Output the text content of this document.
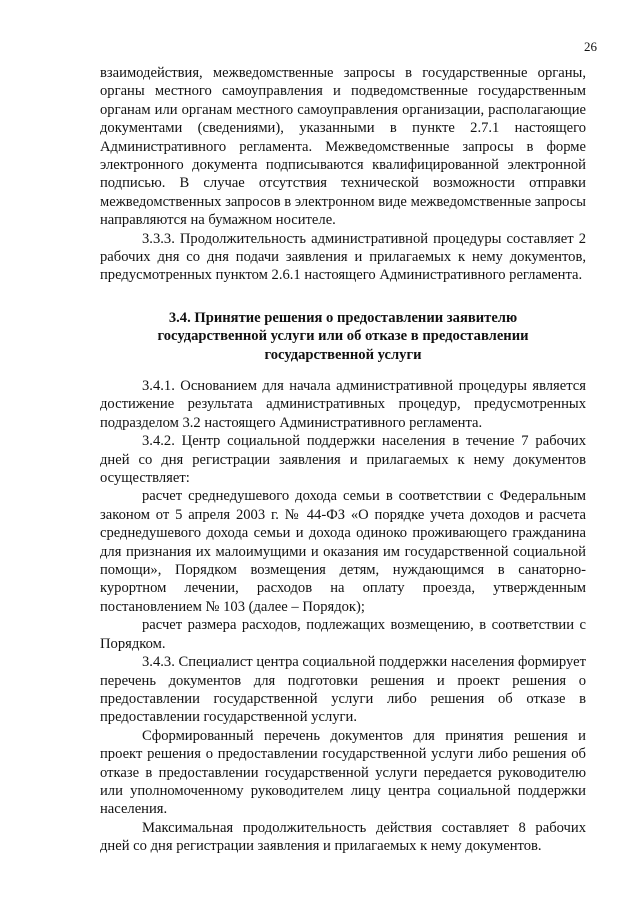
26

взаимодействия, межведомственные запросы в государственные органы, органы местного самоуправления и подведомственные государственным органам или органам местного самоуправления организации, располагающие документами (сведениями), указанными в пункте 2.7.1 настоящего Административного регламента. Межведомственные запросы в форме электронного документа подписываются квалифицированной электронной подписью. В случае отсутствия технической возможности отправки межведомственных запросов в электронном виде межведомственные запросы направляются на бумажном носителе.

3.3.3. Продолжительность административной процедуры составляет 2 рабочих дня со дня подачи заявления и прилагаемых к нему документов, предусмотренных пунктом 2.6.1 настоящего Административного регламента.

3.4. Принятие решения о предоставлении заявителю

государственной услуги или об отказе в предоставлении

государственной услуги

3.4.1. Основанием для начала административной процедуры является достижение результата административных процедур, предусмотренных подразделом 3.2 настоящего Административного регламента.

3.4.2. Центр социальной поддержки населения в течение 7 рабочих дней со дня регистрации заявления и прилагаемых к нему документов осуществляет:

расчет среднедушевого дохода семьи в соответствии с Федеральным законом от 5 апреля 2003 г. № 44-ФЗ «О порядке учета доходов и расчета среднедушевого дохода семьи и дохода одиноко проживающего гражданина для признания их малоимущими и оказания им государственной социальной помощи», Порядком возмещения детям, нуждающимся в санаторно-курортном лечении, расходов на оплату проезда, утвержденным постановлением № 103 (далее – Порядок);

расчет размера расходов, подлежащих возмещению, в соответствии с Порядком.

3.4.3. Специалист центра социальной поддержки населения формирует перечень документов для подготовки решения и проект решения о предоставлении государственной услуги либо решения об отказе в предоставлении государственной услуги.

Сформированный перечень документов для принятия решения и проект решения о предоставлении государственной услуги либо решения об отказе в предоставлении государственной услуги передается руководителю или уполномоченному руководителем лицу центра социальной поддержки населения.

Максимальная продолжительность действия составляет 8 рабочих дней со дня регистрации заявления и прилагаемых к нему документов.
